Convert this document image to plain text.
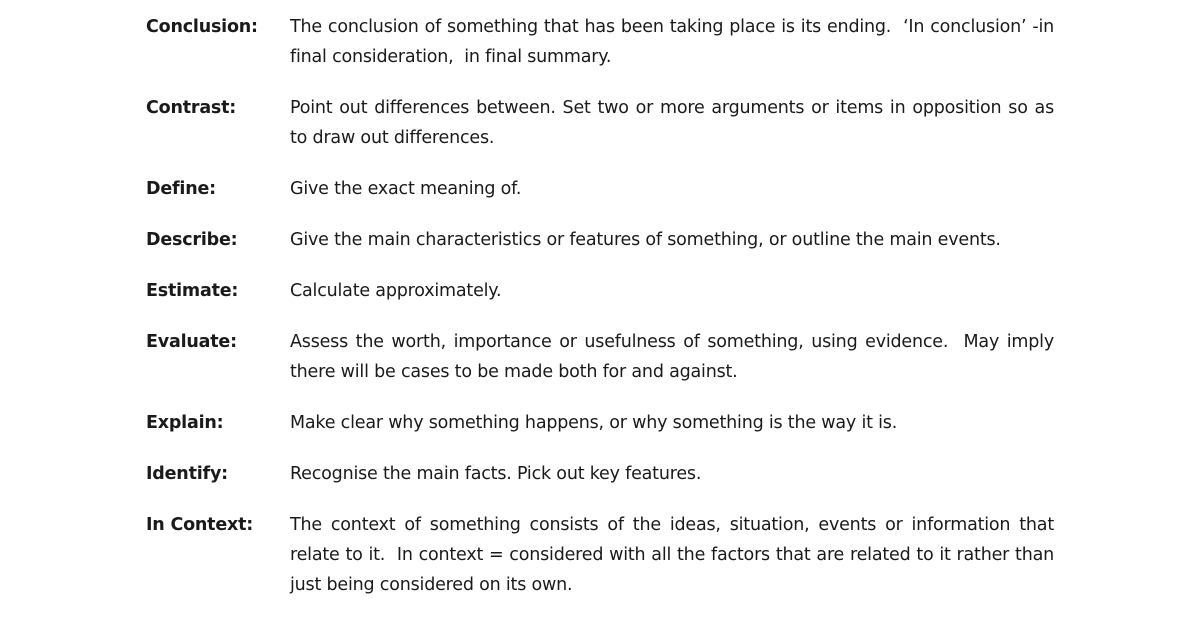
Conclusion:	The conclusion of something that has been taking place is its ending.  ‘In conclusion’ -in final consideration,  in final summary.
Contrast:	Point out differences between. Set two or more arguments or items in opposition so as to draw out differences.
Define:	Give the exact meaning of.
Describe:	Give the main characteristics or features of something, or outline the main events.
Estimate:	Calculate approximately.
Evaluate:	Assess the worth, importance or usefulness of something, using evidence.  May imply there will be cases to be made both for and against.
Explain:	Make clear why something happens, or why something is the way it is.
Identify:	Recognise the main facts. Pick out key features.
In Context:	The context of something consists of the ideas, situation, events or information that relate to it.  In context = considered with all the factors that are related to it rather than just being considered on its own.
